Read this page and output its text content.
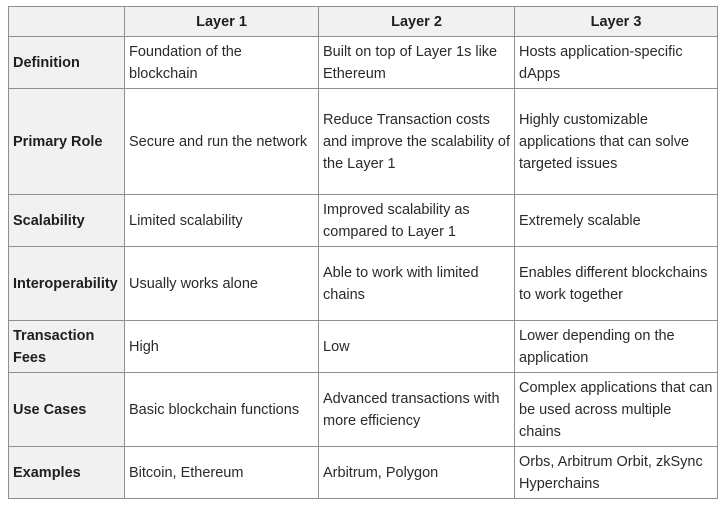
	Layer 1	Layer 2	Layer 3
Definition	Foundation of the blockchain	Built on top of Layer 1s like Ethereum	Hosts application-specific dApps
Primary Role	Secure and run the network	Reduce Transaction costs and improve the scalability of the Layer 1	Highly customizable applications that can solve targeted issues
Scalability	Limited scalability	Improved scalability as compared to Layer 1	Extremely scalable
Interoperability	Usually works alone	Able to work with limited chains	Enables different blockchains to work together
Transaction Fees	High	Low	Lower depending on the application
Use Cases	Basic blockchain functions	Advanced transactions with more efficiency	Complex applications that can be used across multiple chains
Examples	Bitcoin, Ethereum	Arbitrum, Polygon	Orbs, Arbitrum Orbit, zkSync Hyperchains
